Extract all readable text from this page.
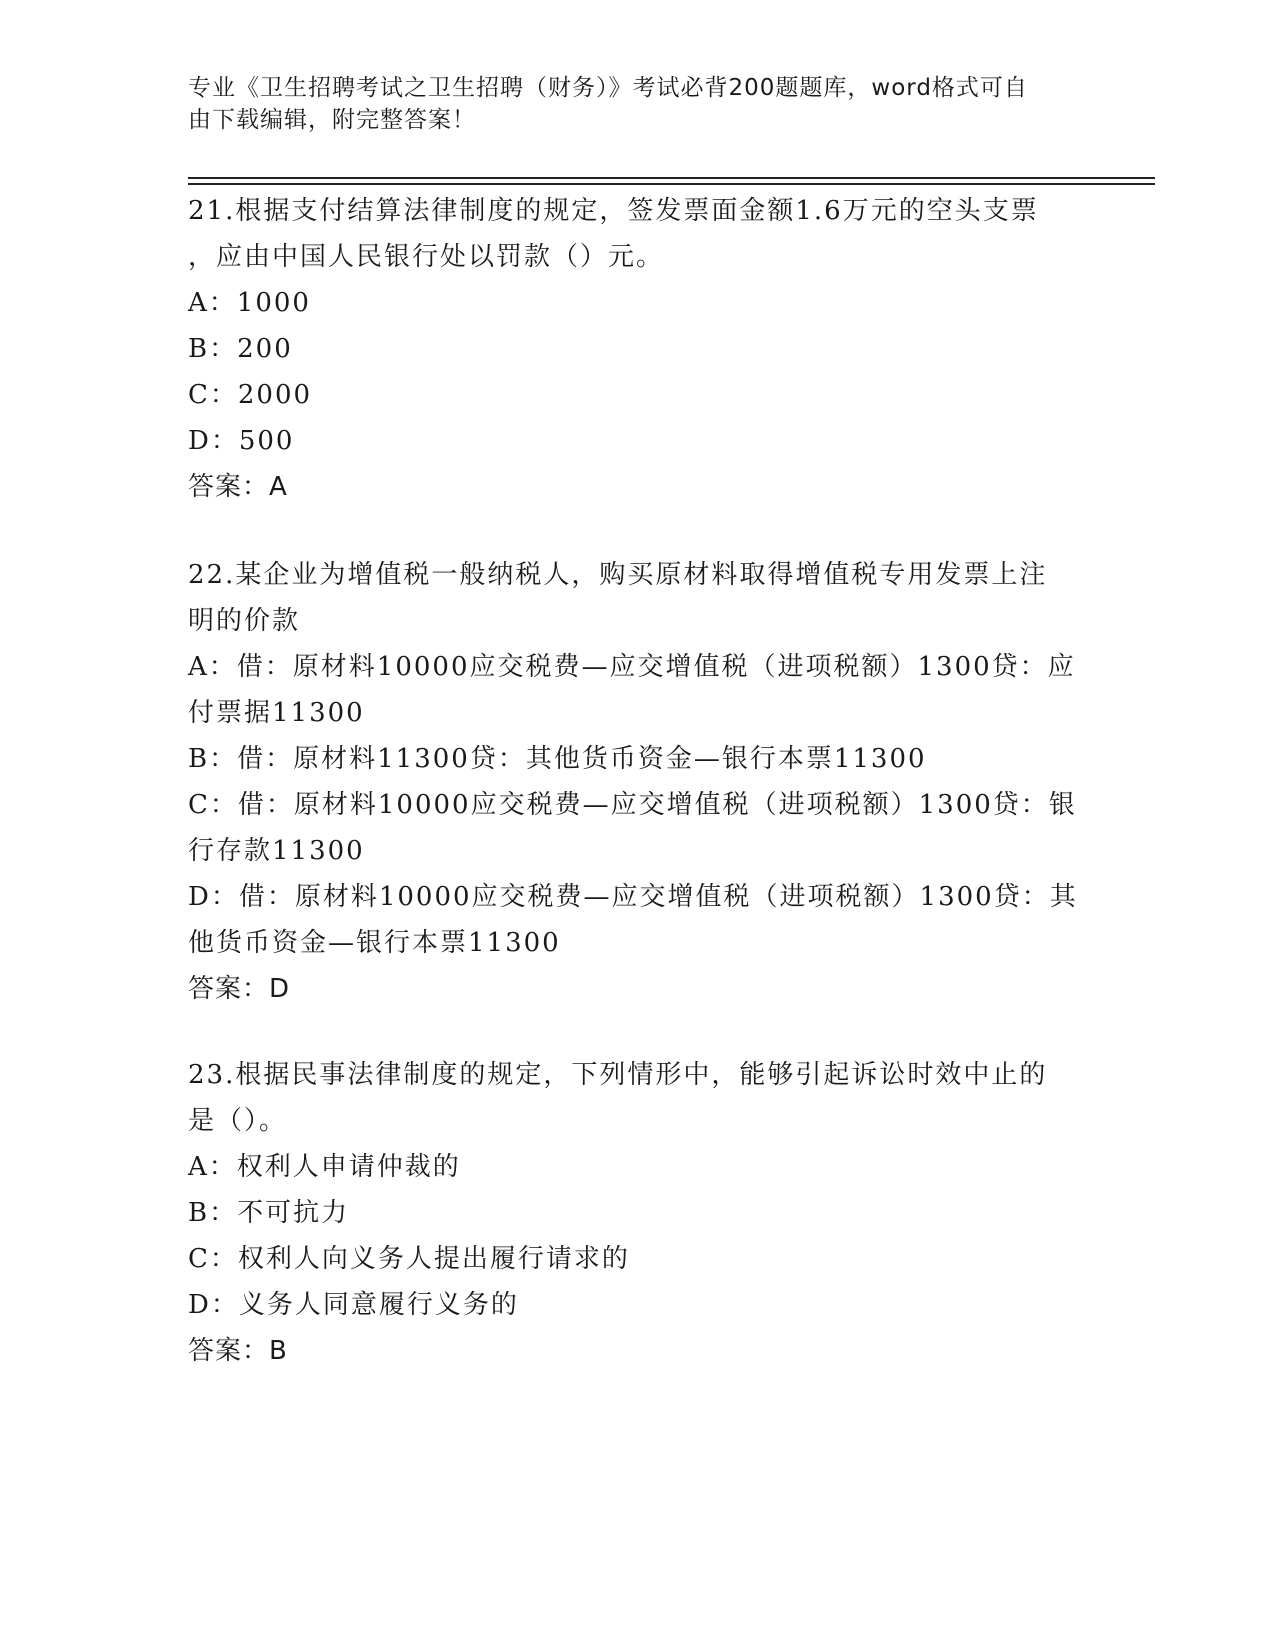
专业《卫生招聘考试之卫生招聘（财务）》考试必背200题题库，word格式可自
由下载编辑，附完整答案！
21.根据支付结算法律制度的规定，签发票面金额1.6万元的空头支票
，应由中国人民银行处以罚款（）元。
A：1000
B：200
C：2000
D：500
答案：A
22.某企业为增值税一般纳税人，购买原材料取得增值税专用发票上注
明的价款
A：借：原材料10000应交税费—应交增值税（进项税额）1300贷：应
付票据11300
B：借：原材料11300贷：其他货币资金—银行本票11300
C：借：原材料10000应交税费—应交增值税（进项税额）1300贷：银
行存款11300
D：借：原材料10000应交税费—应交增值税（进项税额）1300贷：其
他货币资金—银行本票11300
答案：D
23.根据民事法律制度的规定，下列情形中，能够引起诉讼时效中止的
是（）。
A：权利人申请仲裁的
B：不可抗力
C：权利人向义务人提出履行请求的
D：义务人同意履行义务的
答案：B
